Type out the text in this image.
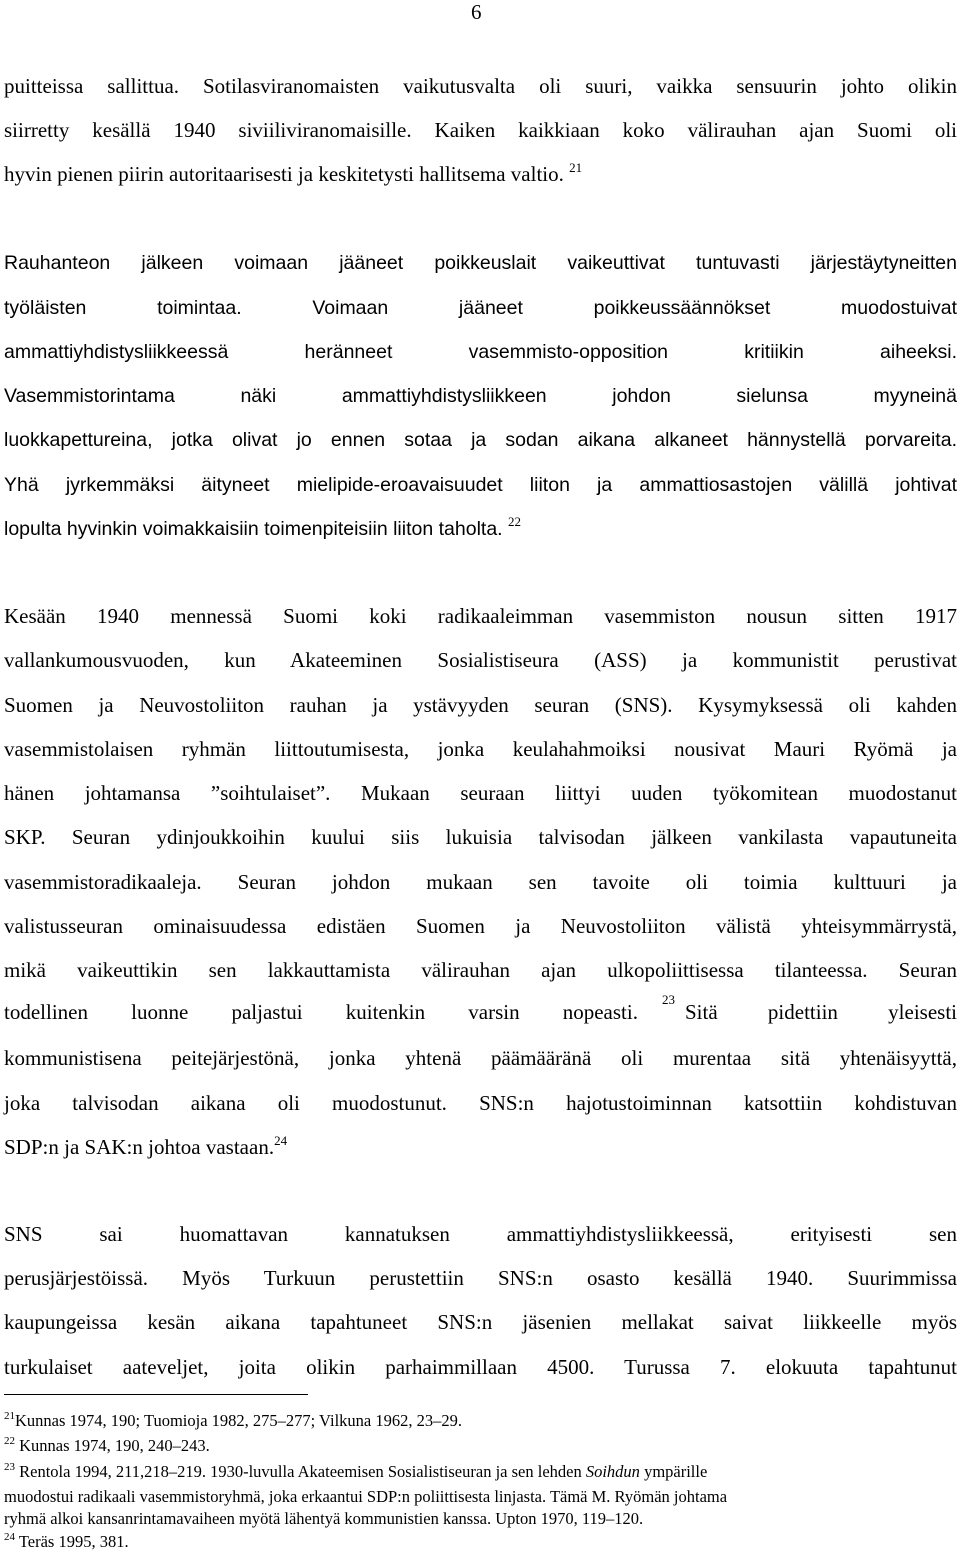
6
puitteissa sallittua. Sotilasviranomaisten vaikutusvalta oli suuri, vaikka sensuurin johto olikin
siirretty kesällä 1940 siviiliviranomaisille. Kaiken kaikkiaan koko välirauhan ajan Suomi oli
hyvin pienen piirin autoritaarisesti ja keskitetysti hallitsema valtio. $^{21}$
Rauhanteon jälkeen voimaan jääneet poikkeuslait vaikeuttivat tuntuvasti järjestäytyneitten
työläisten toimintaa. Voimaan jääneet poikkeussäännökset muodostuivat
ammattiyhdistysliikkeessä heränneet vasemmisto-opposition kritiikin aiheeksi.
Vasemmistorintama näki ammattiyhdistysliikkeen johdon sielunsa myyneinä
luokkapettureina, jotka olivat jo ennen sotaa ja sodan aikana alkaneet hännystellä porvareita.
Yhä jyrkemmäksi äityneet mielipide-eroavaisuudet liiton ja ammattiosastojen välillä johtivat
lopulta hyvinkin voimakkaisiin toimenpiteisiin liiton taholta. $^{22}$
Kesään 1940 mennessä Suomi koki radikaaleimman vasemmiston nousun sitten 1917
vallankumousvuoden, kun Akateeminen Sosialistiseura (ASS) ja kommunistit perustivat
Suomen ja Neuvostoliiton rauhan ja ystävyyden seuran (SNS). Kysymyksessä oli kahden
vasemmistolaisen ryhmän liittoutumisesta, jonka keulahahmoiksi nousivat Mauri Ryömä ja
hänen johtamansa ”soihtulaiset”. Mukaan seuraan liittyi uuden työkomitean muodostanut
SKP. Seuran ydinjoukkoihin kuului siis lukuisia talvisodan jälkeen vankilasta vapautuneita
vasemmistoradikaaleja. Seuran johdon mukaan sen tavoite oli toimia kulttuuri ja
valistusseuran ominaisuudessa edistäen Suomen ja Neuvostoliiton välistä yhteisymmärrystä,
mikä vaikeuttikin sen lakkauttamista välirauhan ajan ulkopoliittisessa tilanteessa. Seuran
todellinen luonne paljastui kuitenkin varsin nopeasti.
23
Sitä pidettiin yleisesti
kommunistisena peitejärjestönä, jonka yhtenä päämääränä oli murentaa sitä yhtenäisyyttä,
joka talvisodan aikana oli muodostunut. SNS:n hajotustoiminnan katsottiin kohdistuvan
SDP:n ja SAK:n johtoa vastaan.$^{24}$
SNS sai huomattavan kannatuksen ammattiyhdistysliikkeessä, erityisesti sen
perusjärjestöissä. Myös Turkuun perustettiin SNS:n osasto kesällä 1940. Suurimmissa
kaupungeissa kesän aikana tapahtuneet SNS:n jäsenien mellakat saivat liikkeelle myös
turkulaiset aateveljet, joita olikin parhaimmillaan 4500. Turussa 7. elokuuta tapahtunut
$^{21}$Kunnas 1974, 190; Tuomioja 1982, 275–277; Vilkuna 1962, 23–29.
$^{22}$ Kunnas 1974, 190, 240–243.
$^{23}$ Rentola 1994, 211,218–219. 1930-luvulla Akateemisen Sosialistiseuran ja sen lehden Soihdun ympärille
muodostui radikaali vasemmistoryhmä, joka erkaantui SDP:n poliittisesta linjasta. Tämä M. Ryömän johtama
ryhmä alkoi kansanrintamavaiheen myötä lähentyä kommunistien kanssa. Upton 1970, 119–120.
$^{24}$ Teräs 1995, 381.
